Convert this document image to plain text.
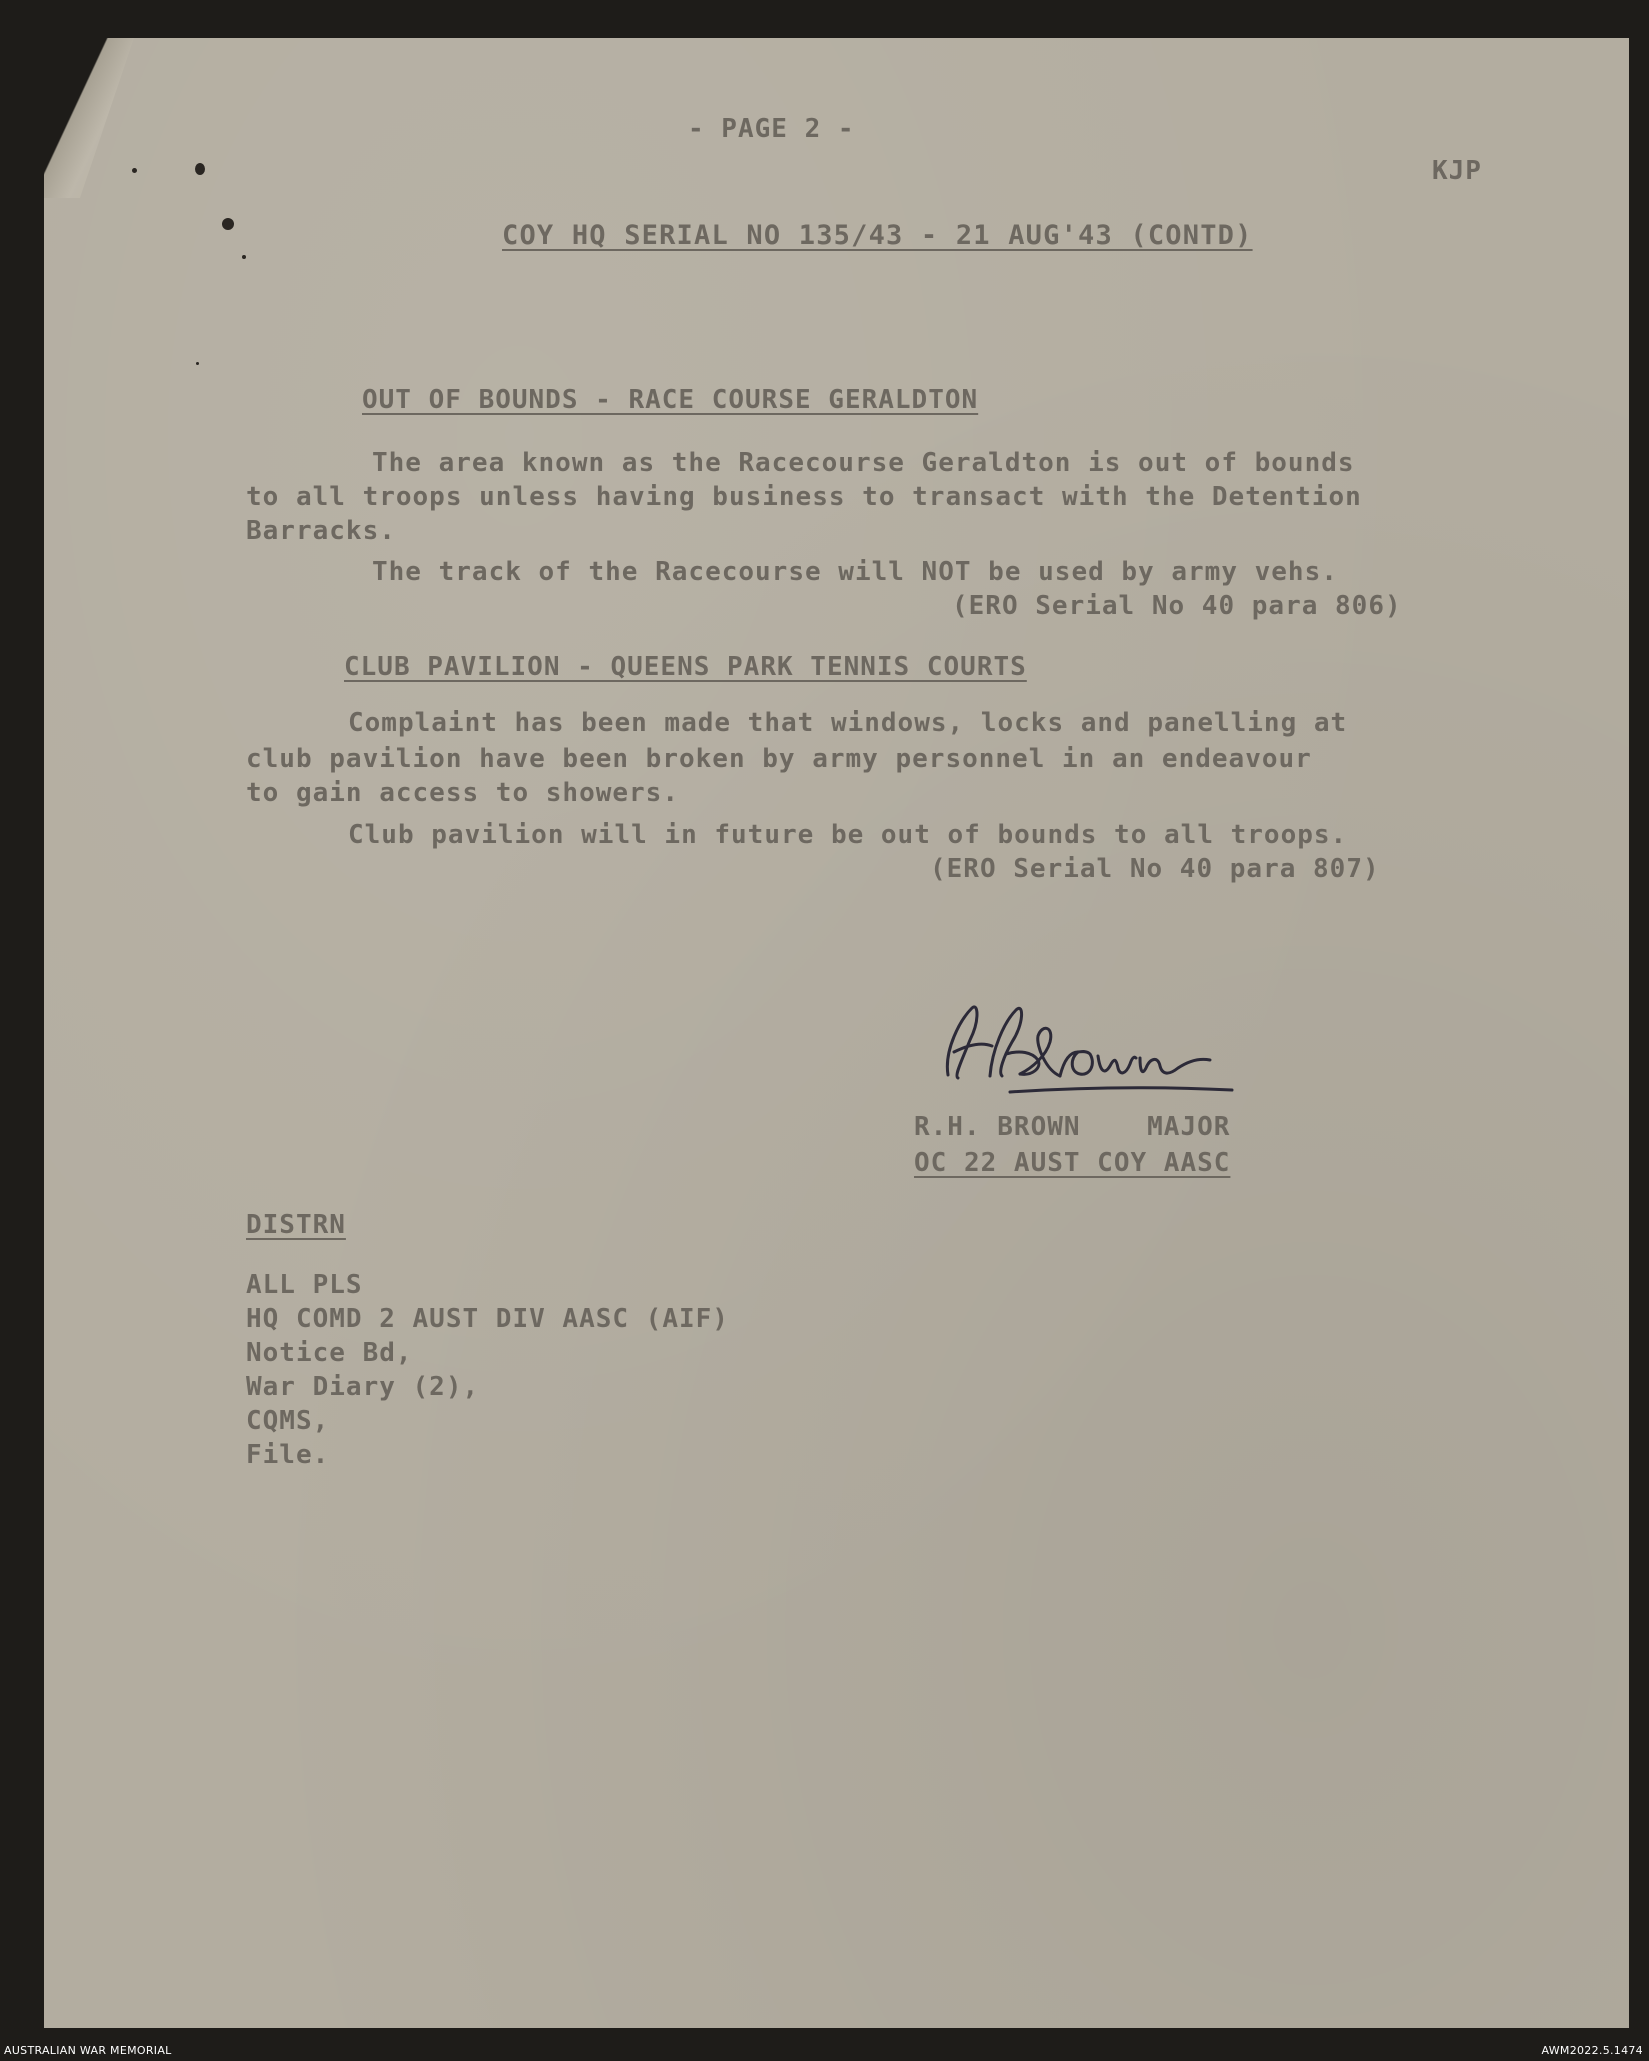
- PAGE 2 -

KJP

COY HQ SERIAL NO 135/43 - 21 AUG'43 (CONTD)

OUT OF BOUNDS - RACE COURSE GERALDTON

The area known as the Racecourse Geraldton is out of bounds

to all troops unless having business to transact with the Detention

Barracks.

The track of the Racecourse will NOT be used by army vehs.

(ERO Serial No 40 para 806)

CLUB PAVILION - QUEENS PARK TENNIS COURTS

Complaint has been made that windows, locks and panelling at

club pavilion have been broken by army personnel in an endeavour

to gain access to showers.

Club pavilion will in future be out of bounds to all troops.

(ERO Serial No 40 para 807)

R.H. BROWN    MAJOR

OC 22 AUST COY AASC

DISTRN

ALL PLS

HQ COMD 2 AUST DIV AASC (AIF)

Notice Bd,

War Diary (2),

CQMS,

File.

AUSTRALIAN WAR MEMORIAL	AWM2022.5.1474
